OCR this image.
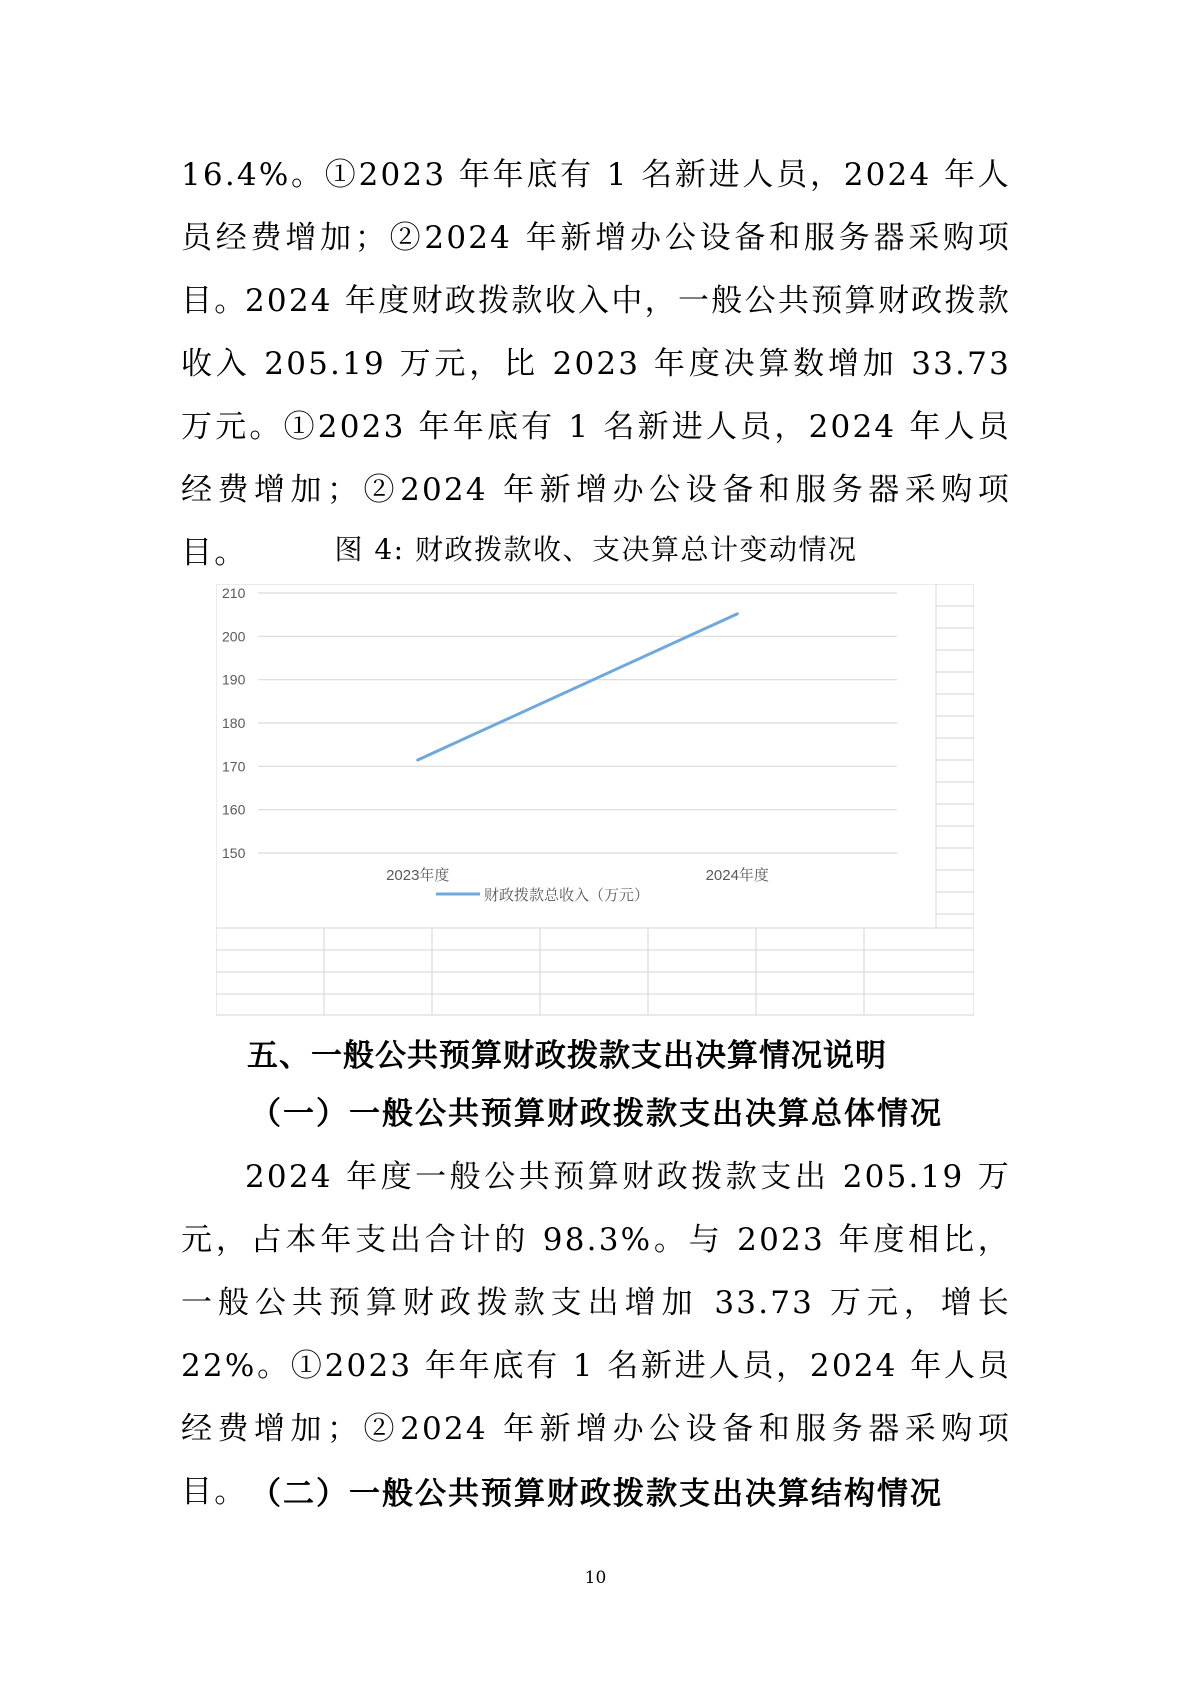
16.4%。①2023 年年底有 1 名新进人员，2024 年人员经费增加；②2024 年新增办公设备和服务器采购项目。

2024 年度财政拨款收入中，一般公共预算财政拨款收入 205.19 万元，比 2023 年度决算数增加 33.73 万元。①2023 年年底有 1 名新进人员，2024 年人员经费增加；②2024 年新增办公设备和服务器采购项目。	图 4: 财政拨款收、支决算总计变动情况

150
160
170
180
190
200
210
2023年度	2024年度
财政拨款总收入（万元）
五、一般公共预算财政拨款支出决算情况说明
（一）一般公共预算财政拨款支出决算总体情况

2024 年度一般公共预算财政拨款支出 205.19 万元，占本年支出合计的 98.3%。与 2023 年度相比，一般公共预算财政拨款支出增加 33.73 万元，增长 22%。①2023 年年底有 1 名新进人员，2024 年人员经费增加；②2024 年新增办公设备和服务器采购项目。 （二）一般公共预算财政拨款支出决算结构情况
10
